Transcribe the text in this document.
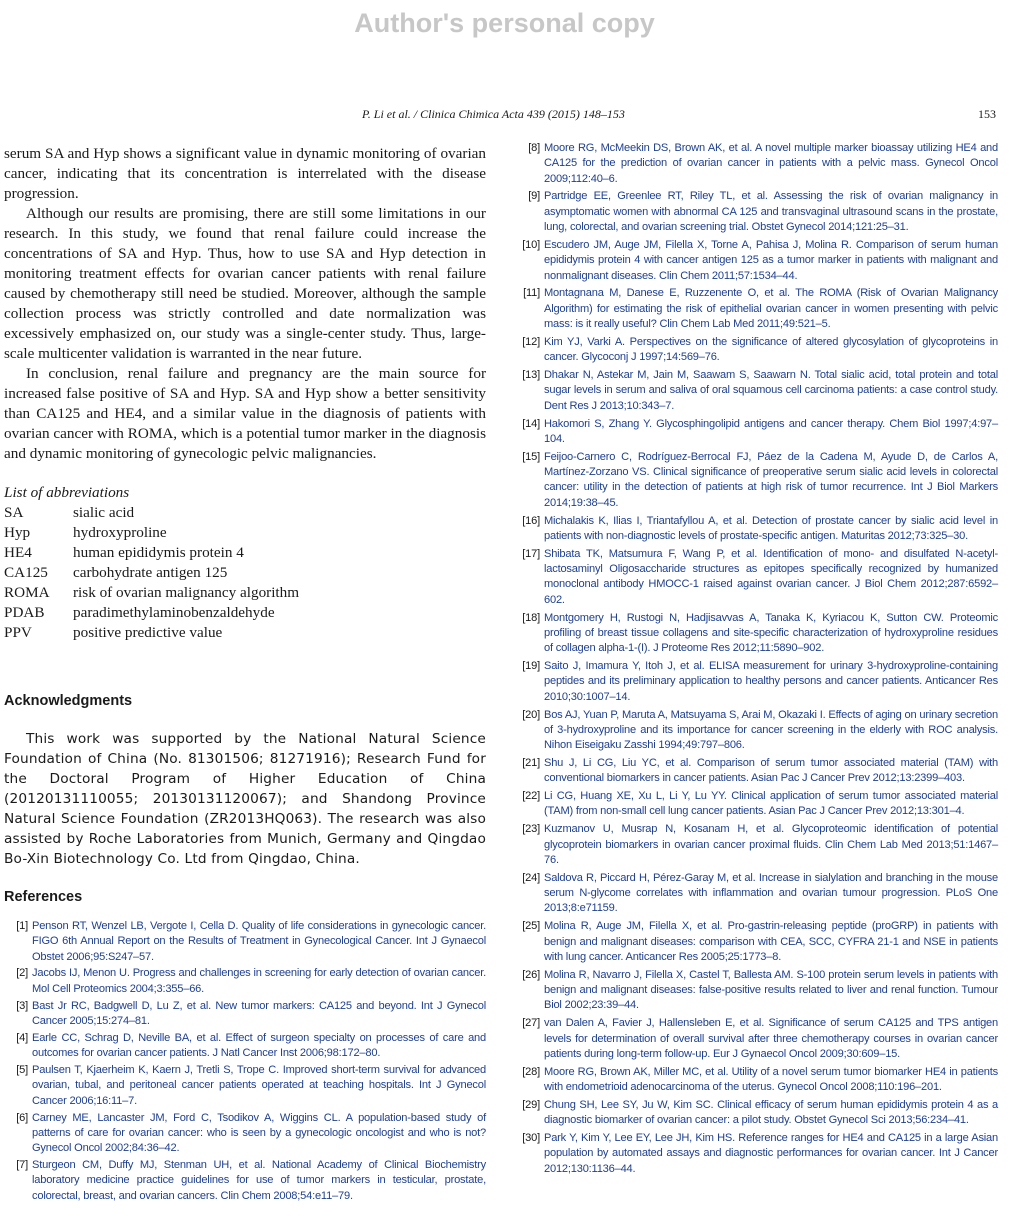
Author's personal copy
P. Li et al. / Clinica Chimica Acta 439 (2015) 148–153	153

serum SA and Hyp shows a significant value in dynamic monitoring of ovarian cancer, indicating that its concentration is interrelated with the disease progression.

Although our results are promising, there are still some limitations in our research. In this study, we found that renal failure could increase the concentrations of SA and Hyp. Thus, how to use SA and Hyp detection in monitoring treatment effects for ovarian cancer patients with renal failure caused by chemotherapy still need be studied. Moreover, although the sample collection process was strictly controlled and date normalization was excessively emphasized on, our study was a single-center study. Thus, large-scale multicenter validation is warranted in the near future.

In conclusion, renal failure and pregnancy are the main source for increased false positive of SA and Hyp. SA and Hyp show a better sensitivity than CA125 and HE4, and a similar value in the diagnosis of patients with ovarian cancer with ROMA, which is a potential tumor marker in the diagnosis and dynamic monitoring of gynecologic pelvic malignancies.

List of abbreviations
SA	sialic acid
Hyp	hydroxyproline
HE4	human epididymis protein 4
CA125	carbohydrate antigen 125
ROMA	risk of ovarian malignancy algorithm
PDAB	paradimethylaminobenzaldehyde
PPV	positive predictive value
Acknowledgments

This work was supported by the National Natural Science Foundation of China (No. 81301506; 81271916); Research Fund for the Doctoral Program of Higher Education of China (20120131110055; 20130131120067); and Shandong Province Natural Science Foundation (ZR2013HQ063). The research was also assisted by Roche Laboratories from Munich, Germany and Qingdao Bo-Xin Biotechnology Co. Ltd from Qingdao, China.

References
[1] Penson RT, Wenzel LB, Vergote I, Cella D. Quality of life considerations in gynecologic cancer. FIGO 6th Annual Report on the Results of Treatment in Gynecological Cancer. Int J Gynaecol Obstet 2006;95:S247–57.
[2] Jacobs IJ, Menon U. Progress and challenges in screening for early detection of ovarian cancer. Mol Cell Proteomics 2004;3:355–66.
[3] Bast Jr RC, Badgwell D, Lu Z, et al. New tumor markers: CA125 and beyond. Int J Gynecol Cancer 2005;15:274–81.
[4] Earle CC, Schrag D, Neville BA, et al. Effect of surgeon specialty on processes of care and outcomes for ovarian cancer patients. J Natl Cancer Inst 2006;98:172–80.
[5] Paulsen T, Kjaerheim K, Kaern J, Tretli S, Trope C. Improved short-term survival for advanced ovarian, tubal, and peritoneal cancer patients operated at teaching hospitals. Int J Gynecol Cancer 2006;16:11–7.
[6] Carney ME, Lancaster JM, Ford C, Tsodikov A, Wiggins CL. A population-based study of patterns of care for ovarian cancer: who is seen by a gynecologic oncologist and who is not? Gynecol Oncol 2002;84:36–42.
[7] Sturgeon CM, Duffy MJ, Stenman UH, et al. National Academy of Clinical Biochemistry laboratory medicine practice guidelines for use of tumor markers in testicular, prostate, colorectal, breast, and ovarian cancers. Clin Chem 2008;54:e11–79.
[8] Moore RG, McMeekin DS, Brown AK, et al. A novel multiple marker bioassay utilizing HE4 and CA125 for the prediction of ovarian cancer in patients with a pelvic mass. Gynecol Oncol 2009;112:40–6.
[9] Partridge EE, Greenlee RT, Riley TL, et al. Assessing the risk of ovarian malignancy in asymptomatic women with abnormal CA 125 and transvaginal ultrasound scans in the prostate, lung, colorectal, and ovarian screening trial. Obstet Gynecol 2014;121:25–31.
[10] Escudero JM, Auge JM, Filella X, Torne A, Pahisa J, Molina R. Comparison of serum human epididymis protein 4 with cancer antigen 125 as a tumor marker in patients with malignant and nonmalignant diseases. Clin Chem 2011;57:1534–44.
[11] Montagnana M, Danese E, Ruzzenente O, et al. The ROMA (Risk of Ovarian Malignancy Algorithm) for estimating the risk of epithelial ovarian cancer in women presenting with pelvic mass: is it really useful? Clin Chem Lab Med 2011;49:521–5.
[12] Kim YJ, Varki A. Perspectives on the significance of altered glycosylation of glycoproteins in cancer. Glycoconj J 1997;14:569–76.
[13] Dhakar N, Astekar M, Jain M, Saawam S, Saawarn N. Total sialic acid, total protein and total sugar levels in serum and saliva of oral squamous cell carcinoma patients: a case control study. Dent Res J 2013;10:343–7.
[14] Hakomori S, Zhang Y. Glycosphingolipid antigens and cancer therapy. Chem Biol 1997;4:97–104.
[15] Feijoo-Carnero C, Rodríguez-Berrocal FJ, Páez de la Cadena M, Ayude D, de Carlos A, Martínez-Zorzano VS. Clinical significance of preoperative serum sialic acid levels in colorectal cancer: utility in the detection of patients at high risk of tumor recurrence. Int J Biol Markers 2014;19:38–45.
[16] Michalakis K, Ilias I, Triantafyllou A, et al. Detection of prostate cancer by sialic acid level in patients with non-diagnostic levels of prostate-specific antigen. Maturitas 2012;73:325–30.
[17] Shibata TK, Matsumura F, Wang P, et al. Identification of mono- and disulfated N-acetyl-lactosaminyl Oligosaccharide structures as epitopes specifically recognized by humanized monoclonal antibody HMOCC-1 raised against ovarian cancer. J Biol Chem 2012;287:6592–602.
[18] Montgomery H, Rustogi N, Hadjisavvas A, Tanaka K, Kyriacou K, Sutton CW. Proteomic profiling of breast tissue collagens and site-specific characterization of hydroxyproline residues of collagen alpha-1-(I). J Proteome Res 2012;11:5890–902.
[19] Saito J, Imamura Y, Itoh J, et al. ELISA measurement for urinary 3-hydroxyproline-containing peptides and its preliminary application to healthy persons and cancer patients. Anticancer Res 2010;30:1007–14.
[20] Bos AJ, Yuan P, Maruta A, Matsuyama S, Arai M, Okazaki I. Effects of aging on urinary secretion of 3-hydroxyproline and its importance for cancer screening in the elderly with ROC analysis. Nihon Eiseigaku Zasshi 1994;49:797–806.
[21] Shu J, Li CG, Liu YC, et al. Comparison of serum tumor associated material (TAM) with conventional biomarkers in cancer patients. Asian Pac J Cancer Prev 2012;13:2399–403.
[22] Li CG, Huang XE, Xu L, Li Y, Lu YY. Clinical application of serum tumor associated material (TAM) from non-small cell lung cancer patients. Asian Pac J Cancer Prev 2012;13:301–4.
[23] Kuzmanov U, Musrap N, Kosanam H, et al. Glycoproteomic identification of potential glycoprotein biomarkers in ovarian cancer proximal fluids. Clin Chem Lab Med 2013;51:1467–76.
[24] Saldova R, Piccard H, Pérez-Garay M, et al. Increase in sialylation and branching in the mouse serum N-glycome correlates with inflammation and ovarian tumour progression. PLoS One 2013;8:e71159.
[25] Molina R, Auge JM, Filella X, et al. Pro-gastrin-releasing peptide (proGRP) in patients with benign and malignant diseases: comparison with CEA, SCC, CYFRA 21-1 and NSE in patients with lung cancer. Anticancer Res 2005;25:1773–8.
[26] Molina R, Navarro J, Filella X, Castel T, Ballesta AM. S-100 protein serum levels in patients with benign and malignant diseases: false-positive results related to liver and renal function. Tumour Biol 2002;23:39–44.
[27] van Dalen A, Favier J, Hallensleben E, et al. Significance of serum CA125 and TPS antigen levels for determination of overall survival after three chemotherapy courses in ovarian cancer patients during long-term follow-up. Eur J Gynaecol Oncol 2009;30:609–15.
[28] Moore RG, Brown AK, Miller MC, et al. Utility of a novel serum tumor biomarker HE4 in patients with endometrioid adenocarcinoma of the uterus. Gynecol Oncol 2008;110:196–201.
[29] Chung SH, Lee SY, Ju W, Kim SC. Clinical efficacy of serum human epididymis protein 4 as a diagnostic biomarker of ovarian cancer: a pilot study. Obstet Gynecol Sci 2013;56:234–41.
[30] Park Y, Kim Y, Lee EY, Lee JH, Kim HS. Reference ranges for HE4 and CA125 in a large Asian population by automated assays and diagnostic performances for ovarian cancer. Int J Cancer 2012;130:1136–44.
